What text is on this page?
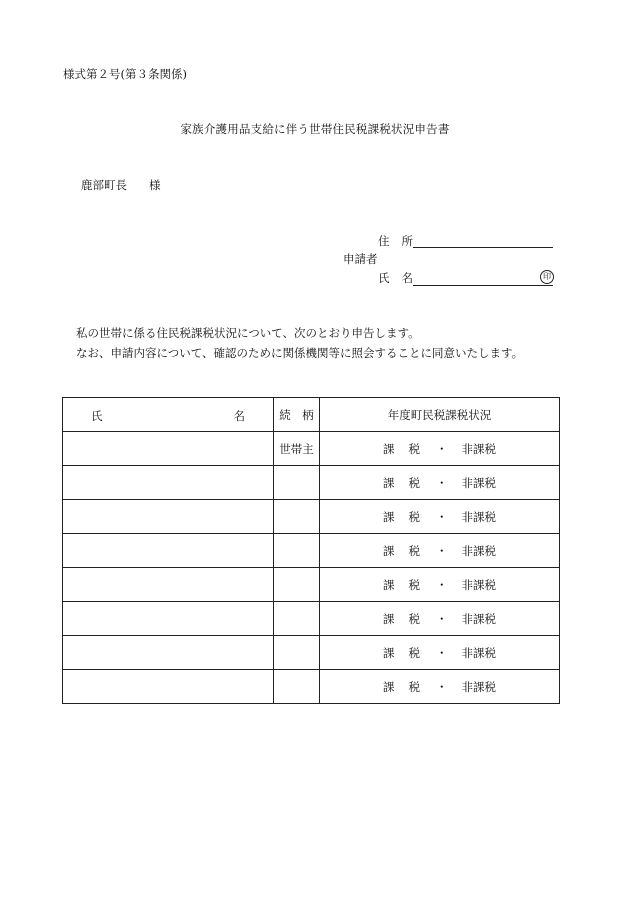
様式第２号(第３条関係)
家族介護用品支給に伴う世帯住民税課税状況申告書
鹿部町長 様
住 所
申請者
氏 名	印
私の世帯に係る住民税課税状況について、次のとおり申告します。
なお、申請内容について、確認のために関係機関等に照会することに同意いたします。
氏 名	続　柄	年度町民税課税状況
	世帯主	課税 ・ 非課税
		課税 ・ 非課税
		課税 ・ 非課税
		課税 ・ 非課税
		課税 ・ 非課税
		課税 ・ 非課税
		課税 ・ 非課税
		課税 ・ 非課税
